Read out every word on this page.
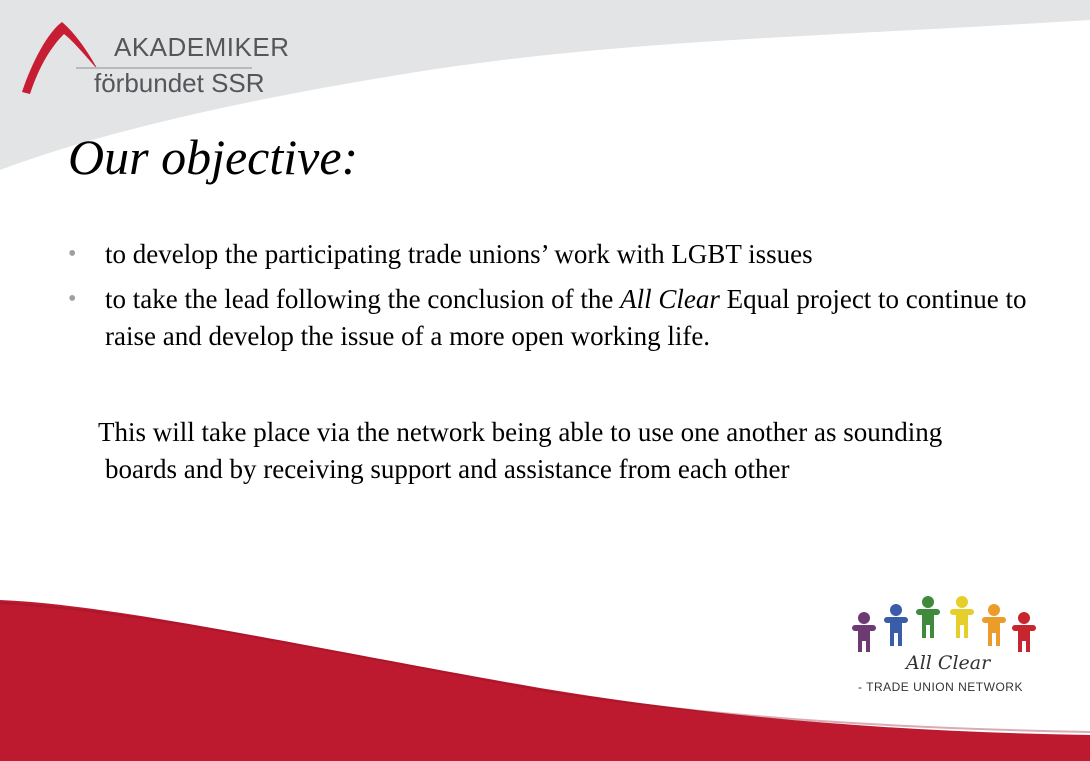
AKADEMIKER
förbundet SSR
Our objective:
• to develop the participating trade unions’ work with LGBT issues
• to take the lead following the conclusion of the All Clear Equal project to continue to raise and develop the issue of a more open working life.

This will take place via the network being able to use one another as sounding boards and by receiving support and assistance from each other

All Clear
- TRADE UNION NETWORK
